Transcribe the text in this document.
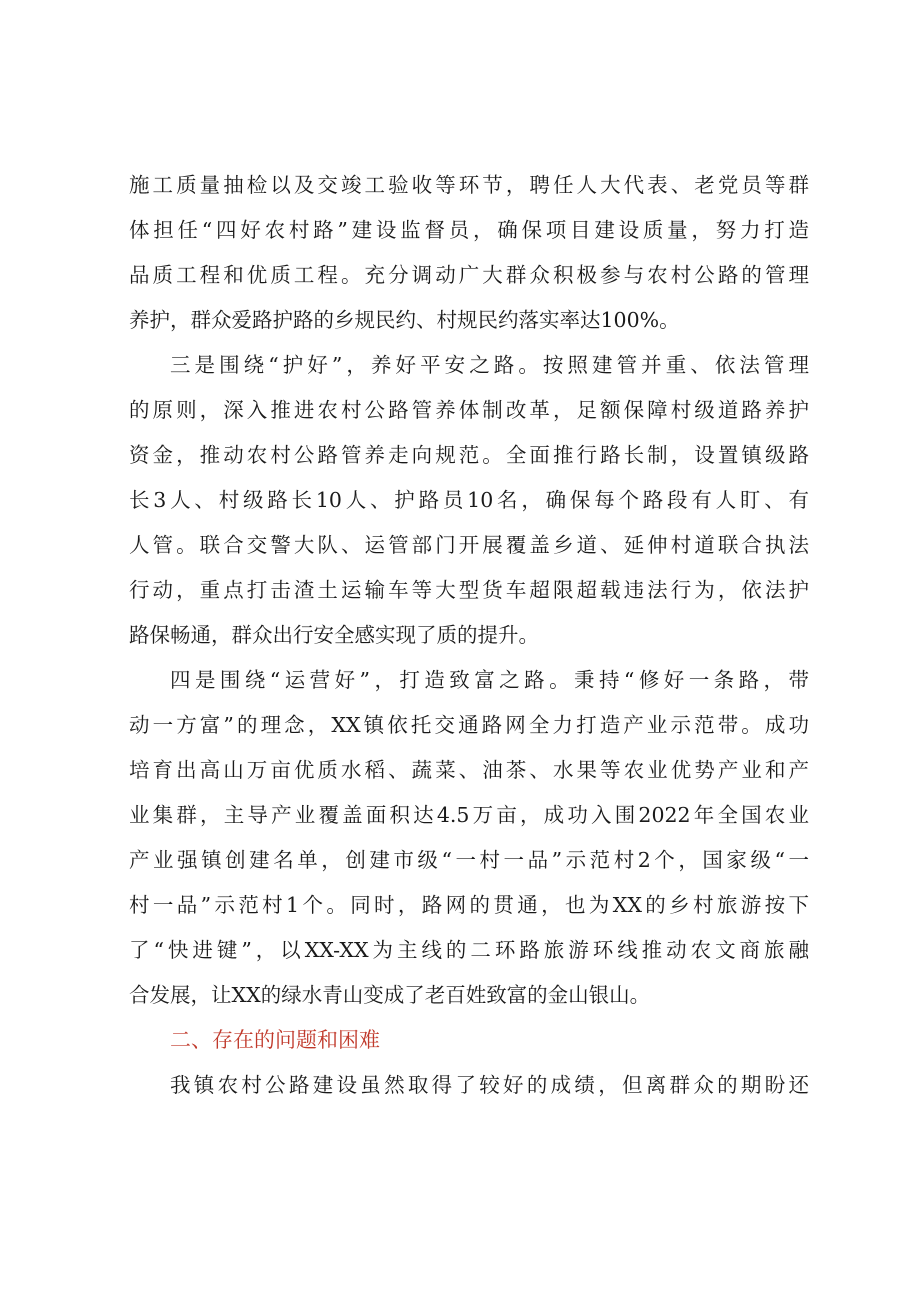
施工质量抽检以及交竣工验收等环节，聘任人大代表、老党员等群
体担任“四好农村路”建设监督员，确保项目建设质量，努力打造
品质工程和优质工程。充分调动广大群众积极参与农村公路的管理
养护，群众爱路护路的乡规民约、村规民约落实率达100%。
三是围绕“护好”，养好平安之路。按照建管并重、依法管理
的原则，深入推进农村公路管养体制改革，足额保障村级道路养护
资金，推动农村公路管养走向规范。全面推行路长制，设置镇级路
长3人、村级路长10人、护路员10名，确保每个路段有人盯、有
人管。联合交警大队、运管部门开展覆盖乡道、延伸村道联合执法
行动，重点打击渣土运输车等大型货车超限超载违法行为，依法护
路保畅通，群众出行安全感实现了质的提升。
四是围绕“运营好”，打造致富之路。秉持“修好一条路，带
动一方富”的理念，XX镇依托交通路网全力打造产业示范带。成功
培育出高山万亩优质水稻、蔬菜、油茶、水果等农业优势产业和产
业集群，主导产业覆盖面积达4.5万亩，成功入围2022年全国农业
产业强镇创建名单，创建市级“一村一品”示范村2个，国家级“一
村一品”示范村1个。同时，路网的贯通，也为XX的乡村旅游按下
了“快进键”，以XX-XX为主线的二环路旅游环线推动农文商旅融
合发展，让XX的绿水青山变成了老百姓致富的金山银山。
二、存在的问题和困难
我镇农村公路建设虽然取得了较好的成绩，但离群众的期盼还
